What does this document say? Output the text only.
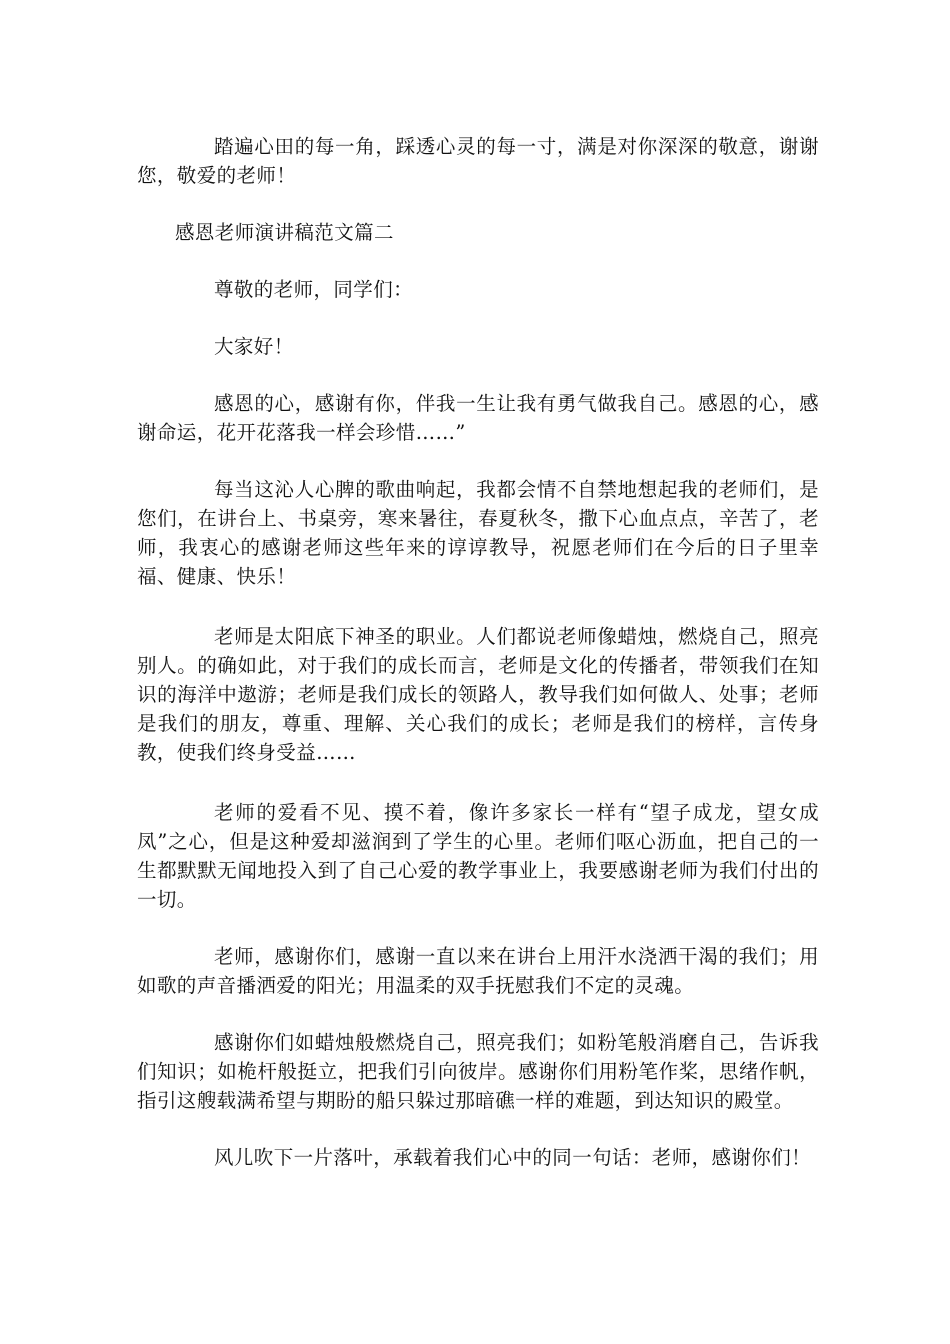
踏遍心田的每一角，踩透心灵的每一寸，满是对你深深的敬意，谢谢您，敬爱的老师！

感恩老师演讲稿范文篇二

尊敬的老师，同学们：

大家好！

感恩的心，感谢有你，伴我一生让我有勇气做我自己。感恩的心，感谢命运，花开花落我一样会珍惜……”

每当这沁人心脾的歌曲响起，我都会情不自禁地想起我的老师们，是您们，在讲台上、书桌旁，寒来暑往，春夏秋冬，撒下心血点点，辛苦了，老师，我衷心的感谢老师这些年来的谆谆教导，祝愿老师们在今后的日子里幸福、健康、快乐！

老师是太阳底下神圣的职业。人们都说老师像蜡烛，燃烧自己，照亮别人。的确如此，对于我们的成长而言，老师是文化的传播者，带领我们在知识的海洋中遨游；老师是我们成长的领路人，教导我们如何做人、处事；老师是我们的朋友，尊重、理解、关心我们的成长；老师是我们的榜样，言传身教，使我们终身受益……

老师的爱看不见、摸不着，像许多家长一样有“望子成龙，望女成凤”之心，但是这种爱却滋润到了学生的心里。老师们呕心沥血，把自己的一生都默默无闻地投入到了自己心爱的教学事业上，我要感谢老师为我们付出的一切。

老师，感谢你们，感谢一直以来在讲台上用汗水浇洒干渴的我们；用如歌的声音播洒爱的阳光；用温柔的双手抚慰我们不定的灵魂。

感谢你们如蜡烛般燃烧自己，照亮我们；如粉笔般消磨自己，告诉我们知识；如桅杆般挺立，把我们引向彼岸。感谢你们用粉笔作桨，思绪作帆，指引这艘载满希望与期盼的船只躲过那暗礁一样的难题，到达知识的殿堂。

风儿吹下一片落叶，承载着我们心中的同一句话：老师，感谢你们！
